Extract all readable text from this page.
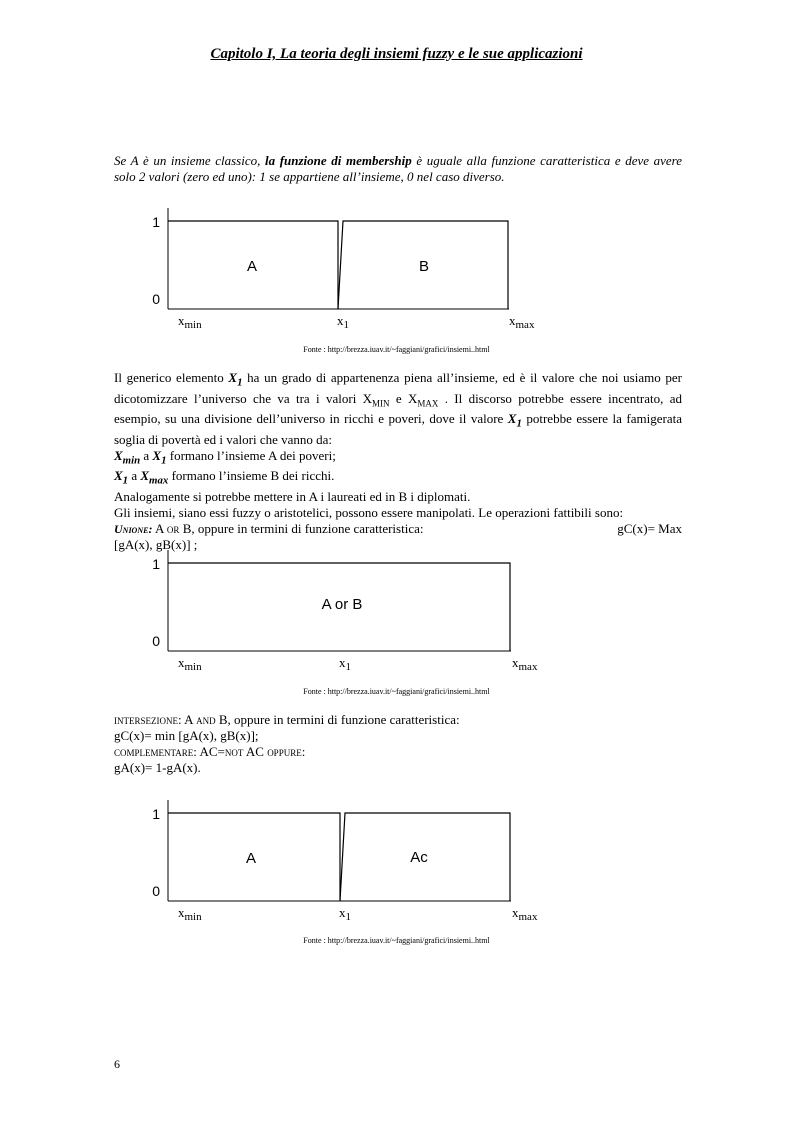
Capitolo I, La teoria degli insiemi fuzzy e le sue applicazioni
Se A è un insieme classico, la funzione di membership è uguale alla funzione caratteristica e deve avere solo 2 valori (zero ed uno): 1 se appartiene all’insieme, 0 nel caso diverso.
1
0
A	B
$x_{min}$	$x_1$	$x_{max}$
Fonte : http://brezza.iuav.it/~faggiani/grafici/insiemi..html
Il generico elemento $X_1$ ha un grado di appartenenza piena all’insieme, ed è il valore che noi usiamo per dicotomizzare l’universo che va tra i valori $X_{MIN}$ e $X_{MAX}$ . Il discorso potrebbe essere incentrato, ad esempio, su una divisione dell’universo in ricchi e poveri, dove il valore $X_1$ potrebbe essere la famigerata soglia di povertà ed i valori che vanno da:
$X_{min}$ a $X_1$ formano l’insieme A dei poveri;
$X_1$ a $X_{max}$ formano l’insieme B dei ricchi.
Analogamente si potrebbe mettere in A i laureati ed in B i diplomati.
Gli insiemi, siano essi fuzzy o aristotelici, possono essere manipolati. Le operazioni fattibili sono:
Unione: A or B, oppure in termini di funzione caratteristica:	gC(x)= Max
[gA(x), gB(x)] ;
1
0
A or B
$x_{min}$	$x_1$	$x_{max}$
Fonte : http://brezza.iuav.it/~faggiani/grafici/insiemi..html
intersezione: A and B, oppure in termini di funzione caratteristica:
gC(x)= min [gA(x), gB(x)];
complementare: AC=not AC oppure:
gA(x)= 1-gA(x).
1
0
A	Ac
$x_{min}$	$x_1$	$x_{max}$
Fonte : http://brezza.iuav.it/~faggiani/grafici/insiemi..html
6
